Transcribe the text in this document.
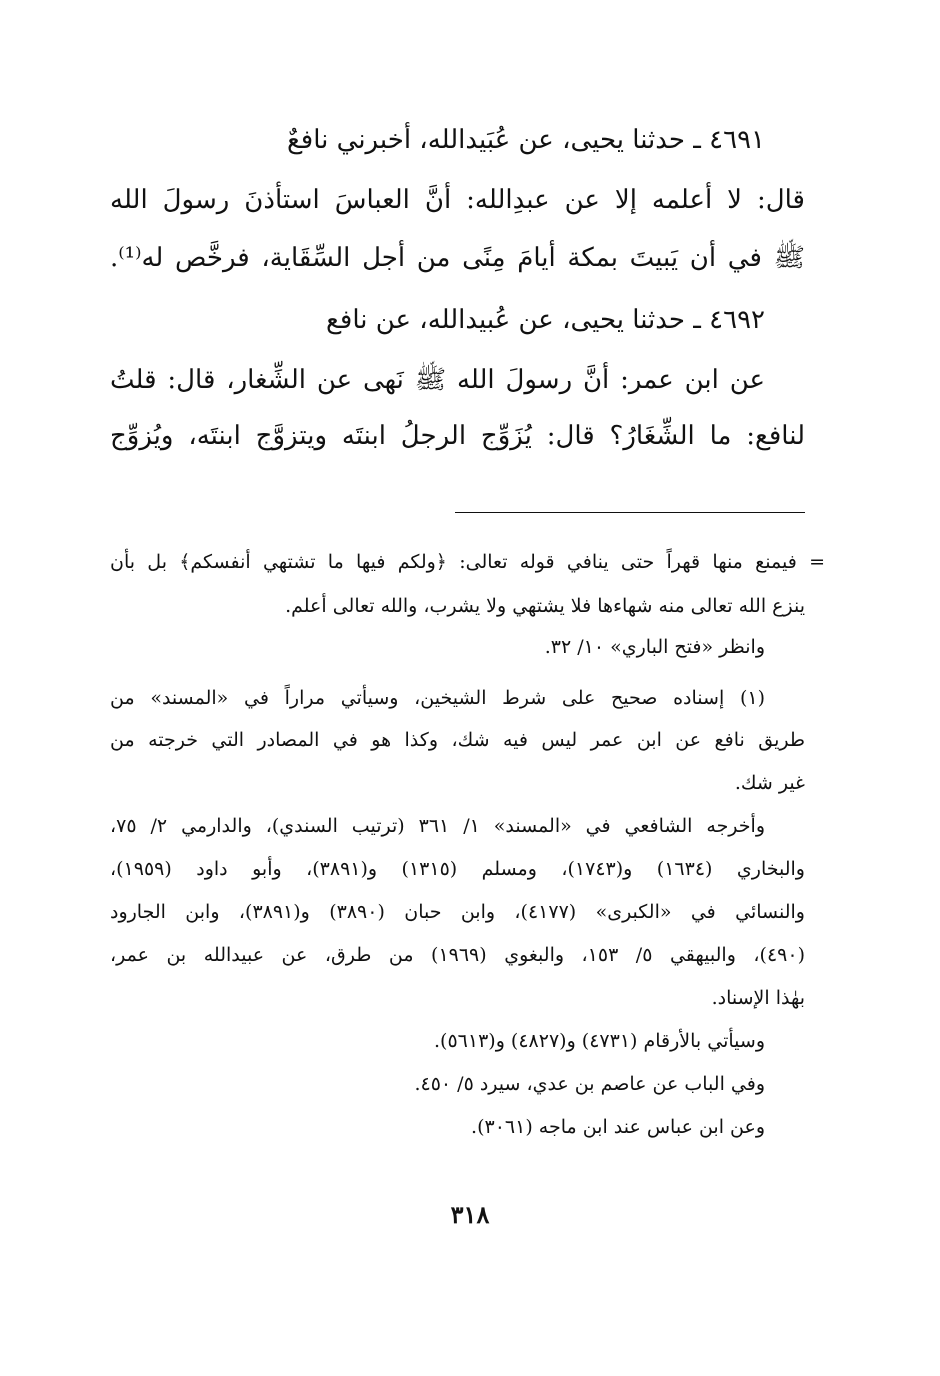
٤٦٩١ ـ حدثنا يحيى، عن عُبَيدالله، أخبرني نافعٌ
قال: لا أعلمه إلا عن عبدِالله: أنَّ العباسَ استأذنَ رسولَ الله
ﷺ في أن يَبيتَ بمكة أيامَ مِنًى من أجل السِّقَاية، فرخَّص له⁽¹⁾.
٤٦٩٢ ـ حدثنا يحيى، عن عُبيدالله، عن نافع
عن ابن عمر: أنَّ رسولَ الله ﷺ نَهى عن الشِّغار، قال: قلتُ
لنافع: ما الشِّغَارُ؟ قال: يُزَوِّج الرجلُ ابنتَه ويتزوَّج ابنتَه، ويُزوِّج
= فيمنع منها قهراً حتى ينافي قوله تعالى: ﴿ولكم فيها ما تشتهي أنفسكم﴾ بل بأن
ينزع الله تعالى منه شهاءها فلا يشتهي ولا يشرب، والله تعالى أعلم.
وانظر «فتح الباري» ١٠/ ٣٢.
(١) إسناده صحيح على شرط الشيخين، وسيأتي مراراً في «المسند» من
طريق نافع عن ابن عمر ليس فيه شك، وكذا هو في المصادر التي خرجته من
غير شك.
وأخرجه الشافعي في «المسند» ١/ ٣٦١ (ترتيب السندي)، والدارمي ٢/ ٧٥،
والبخاري (١٦٣٤) و(١٧٤٣)، ومسلم (١٣١٥) و(٣٨٩١)، وأبو داود (١٩٥٩)،
والنسائي في «الكبرى» (٤١٧٧)، وابن حبان (٣٨٩٠) و(٣٨٩١)، وابن الجارود
(٤٩٠)، والبيهقي ٥/ ١٥٣، والبغوي (١٩٦٩) من طرق، عن عبيدالله بن عمر،
بهٰذا الإسناد.
وسيأتي بالأرقام (٤٧٣١) و(٤٨٢٧) و(٥٦١٣).
وفي الباب عن عاصم بن عدي، سيرد ٥/ ٤٥٠.
وعن ابن عباس عند ابن ماجه (٣٠٦١).
٣١٨
